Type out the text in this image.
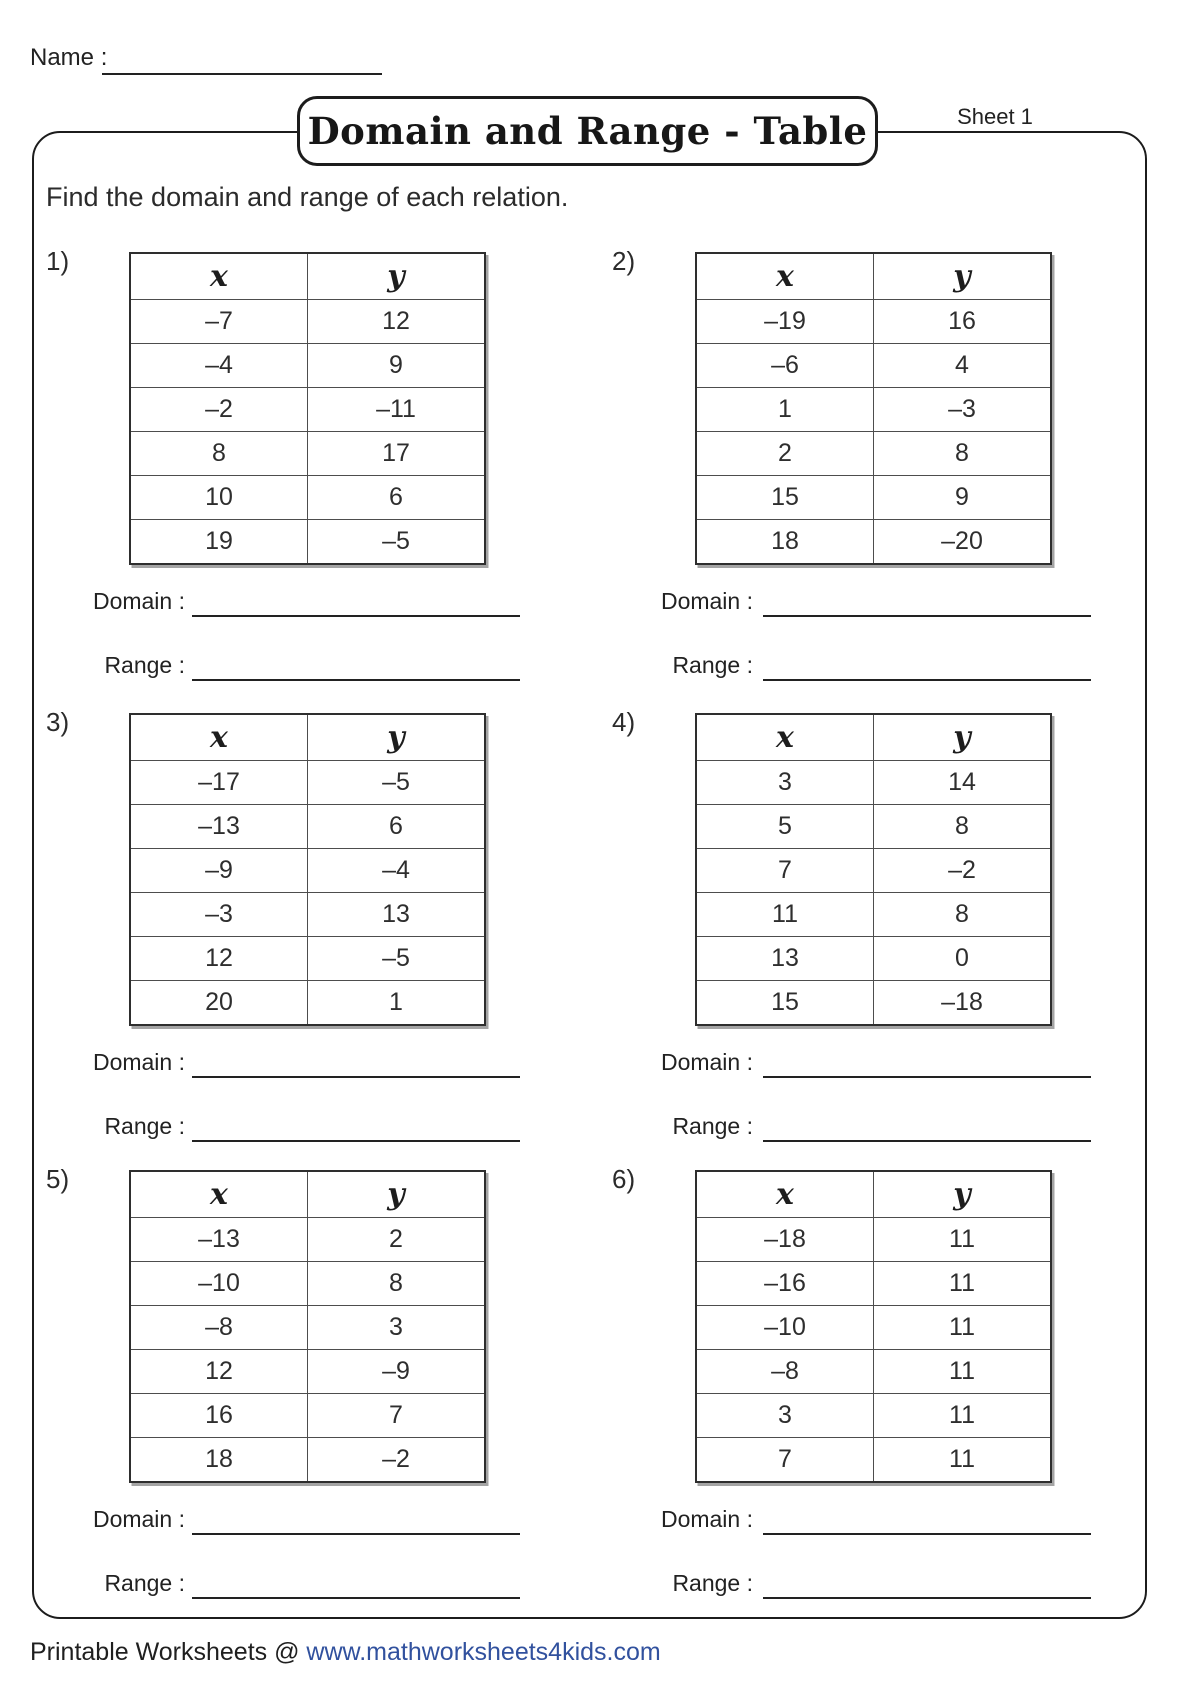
Name :
Domain and Range - Table	Sheet 1
Find the domain and range of each relation.
1)	x	y
–7	12
–4	9
–2	–11
8	17
10	6
19	–5
Domain :
Range :
2)	x	y
–19	16
–6	4
1	–3
2	8
15	9
18	–20
Domain :
Range :
3)	x	y
–17	–5
–13	6
–9	–4
–3	13
12	–5
20	1
Domain :
Range :
4)	x	y
3	14
5	8
7	–2
11	8
13	0
15	–18
Domain :
Range :
5)	x	y
–13	2
–10	8
–8	3
12	–9
16	7
18	–2
Domain :
Range :
6)	x	y
–18	11
–16	11
–10	11
–8	11
3	11
7	11
Domain :
Range :
Printable Worksheets @ www.mathworksheets4kids.com
